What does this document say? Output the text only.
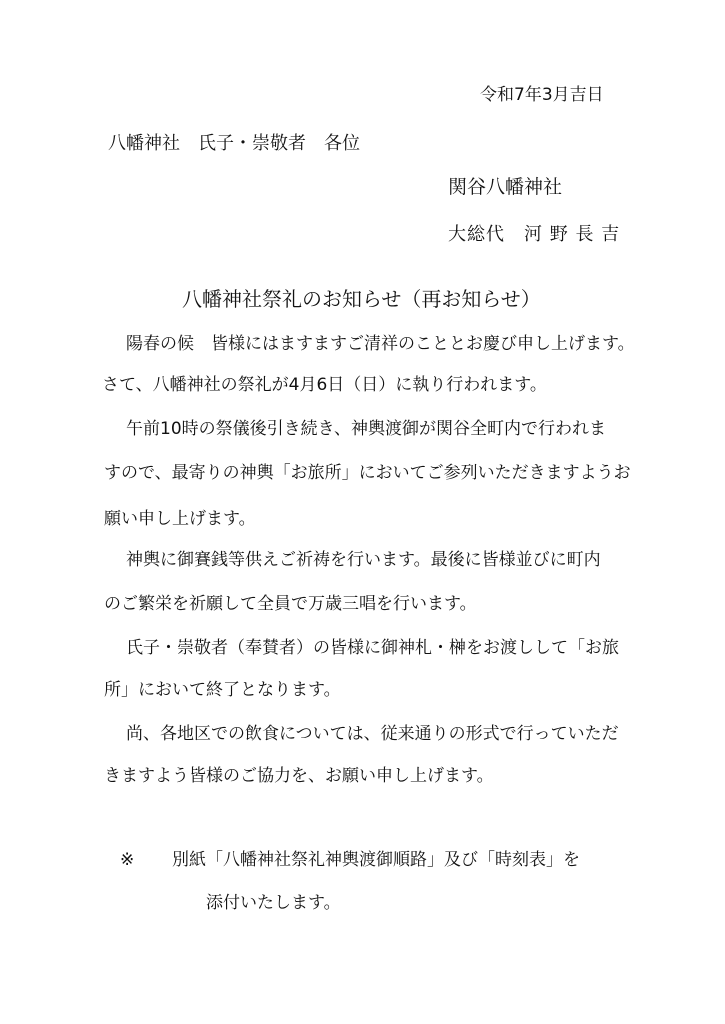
令和7年3月吉日
八幡神社　氏子・崇敬者　各位
関谷八幡神社
大総代　河 野 長 吉
八幡神社祭礼のお知らせ（再お知らせ）
陽春の候　皆様にはますますご清祥のこととお慶び申し上げます。
さて、八幡神社の祭礼が4月6日（日）に執り行われます。
午前10時の祭儀後引き続き、神輿渡御が関谷全町内で行われま
すので、最寄りの神輿「お旅所」においてご参列いただきますようお
願い申し上げます。
神輿に御賽銭等供えご祈祷を行います。最後に皆様並びに町内
のご繁栄を祈願して全員で万歳三唱を行います。
氏子・崇敬者（奉賛者）の皆様に御神札・榊をお渡しして「お旅
所」において終了となります。
尚、各地区での飲食については、従来通りの形式で行っていただ
きますよう皆様のご協力を、お願い申し上げます。
※ 別紙「八幡神社祭礼神輿渡御順路」及び「時刻表」を
添付いたします。
